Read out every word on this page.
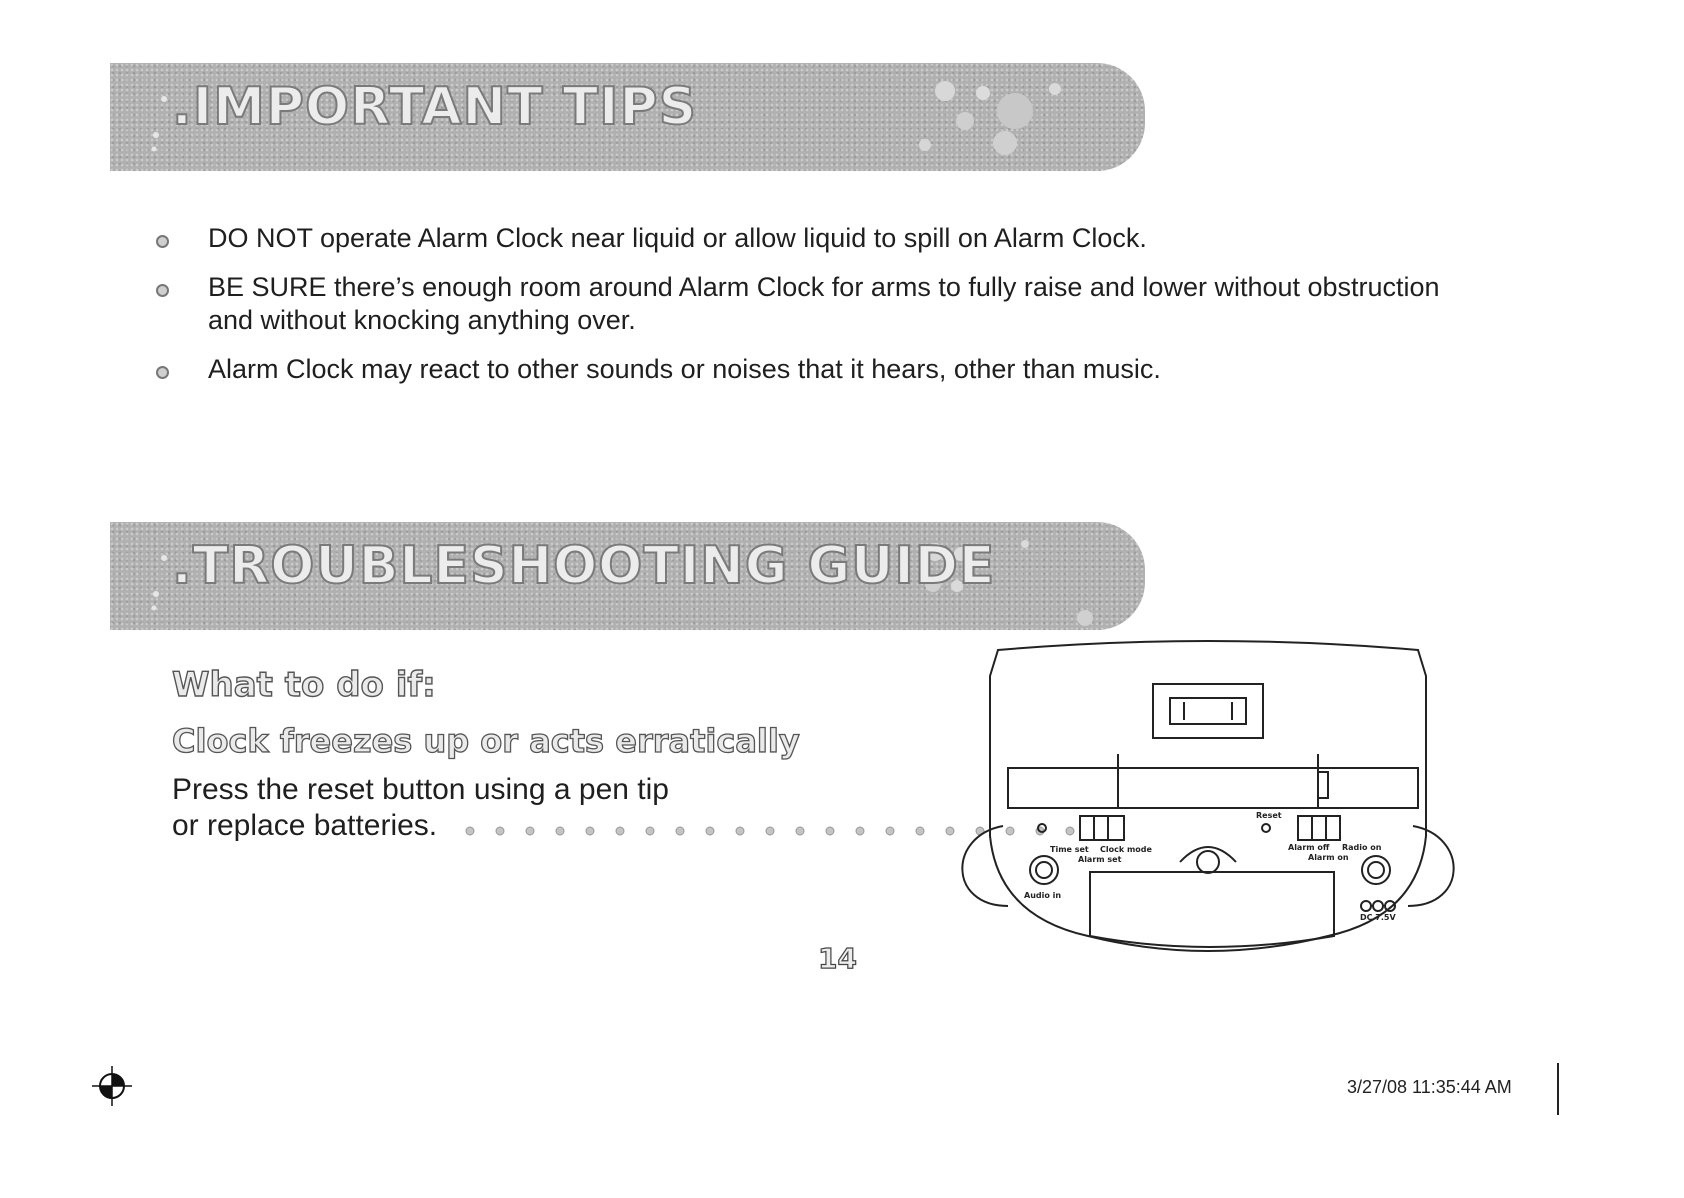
.IMPORTANT TIPS
DO NOT operate Alarm Clock near liquid or allow liquid to spill on Alarm Clock.
BE SURE there’s enough room around Alarm Clock for arms to fully raise and lower without obstruction and without knocking anything over.
Alarm Clock may react to other sounds or noises that it hears, other than music.
.TROUBLESHOOTING GUIDE
What to do if:
Clock freezes up or acts erratically
Press the reset button using a pen tip
or replace batteries.	Reset
Time set Clock mode
Alarm set
Alarm off Radio on
Alarm on
Audio in
DC 7.5V
14
3/27/08 11:35:44 AM
